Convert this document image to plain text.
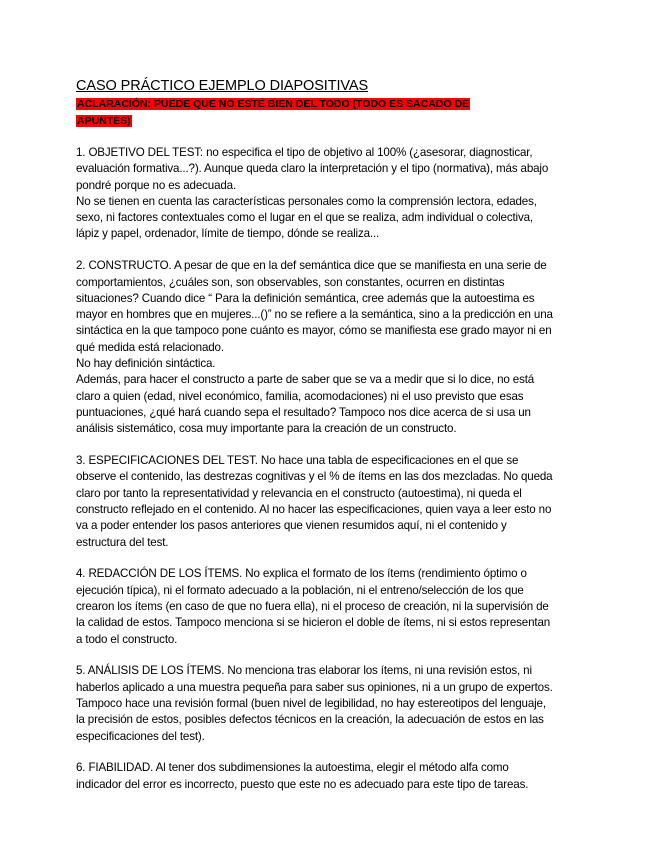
CASO PRÁCTICO EJEMPLO DIAPOSITIVAS
ACLARACIÓN: PUEDE QUE NO ESTÉ BIEN DEL TODO (TODO ES SACADO DE APUNTES)
1. OBJETIVO DEL TEST: no especifica el tipo de objetivo al 100% (¿asesorar, diagnosticar,
evaluación formativa...?). Aunque queda claro la interpretación y el tipo (normativa), más abajo
pondré porque no es adecuada.
No se tienen en cuenta las características personales como la comprensión lectora, edades,
sexo, ni factores contextuales como el lugar en el que se realiza, adm individual o colectiva,
lápiz y papel, ordenador, límite de tiempo, dónde se realiza...
2. CONSTRUCTO. A pesar de que en la def semántica dice que se manifiesta en una serie de
comportamientos, ¿cuáles son, son observables, son constantes, ocurren en distintas
situaciones? Cuando dice “ Para la definición semántica, cree además que la autoestima es
mayor en hombres que en mujeres...()” no se refiere a la semántica, sino a la predicción en una
sintáctica en la que tampoco pone cuánto es mayor, cómo se manifiesta ese grado mayor ni en
qué medida está relacionado.
No hay definición sintáctica.
Además, para hacer el constructo a parte de saber que se va a medir que si lo dice, no está
claro a quien (edad, nivel económico, familia, acomodaciones) ni el uso previsto que esas
puntuaciones, ¿qué hará cuando sepa el resultado? Tampoco nos dice acerca de si usa un
análisis sistemático, cosa muy importante para la creación de un constructo.
3. ESPECIFICACIONES DEL TEST. No hace una tabla de especificaciones en el que se
observe el contenido, las destrezas cognitivas y el % de ítems en las dos mezcladas. No queda
claro por tanto la representatividad y relevancia en el constructo (autoestima), ni queda el
constructo reflejado en el contenido. Al no hacer las especificaciones, quien vaya a leer esto no
va a poder entender los pasos anteriores que vienen resumidos aquí, ni el contenido y
estructura del test.
4. REDACCIÓN DE LOS ÍTEMS. No explica el formato de los ítems (rendimiento óptimo o
ejecución típica), ni el formato adecuado a la población, ni el entreno/selección de los que
crearon los ítems (en caso de que no fuera ella), ni el proceso de creación, ni la supervisión de
la calidad de estos. Tampoco menciona si se hicieron el doble de ítems, ni si estos representan
a todo el constructo.
5. ANÁLISIS DE LOS ÍTEMS. No menciona tras elaborar los ítems, ni una revisión estos, ni
haberlos aplicado a una muestra pequeña para saber sus opiniones, ni a un grupo de expertos.
Tampoco hace una revisión formal (buen nivel de legibilidad, no hay estereotipos del lenguaje,
la precisión de estos, posibles defectos técnicos en la creación, la adecuación de estos en las
especificaciones del test).
6. FIABILIDAD. Al tener dos subdimensiones la autoestima, elegir el método alfa como
indicador del error es incorrecto, puesto que este no es adecuado para este tipo de tareas.
